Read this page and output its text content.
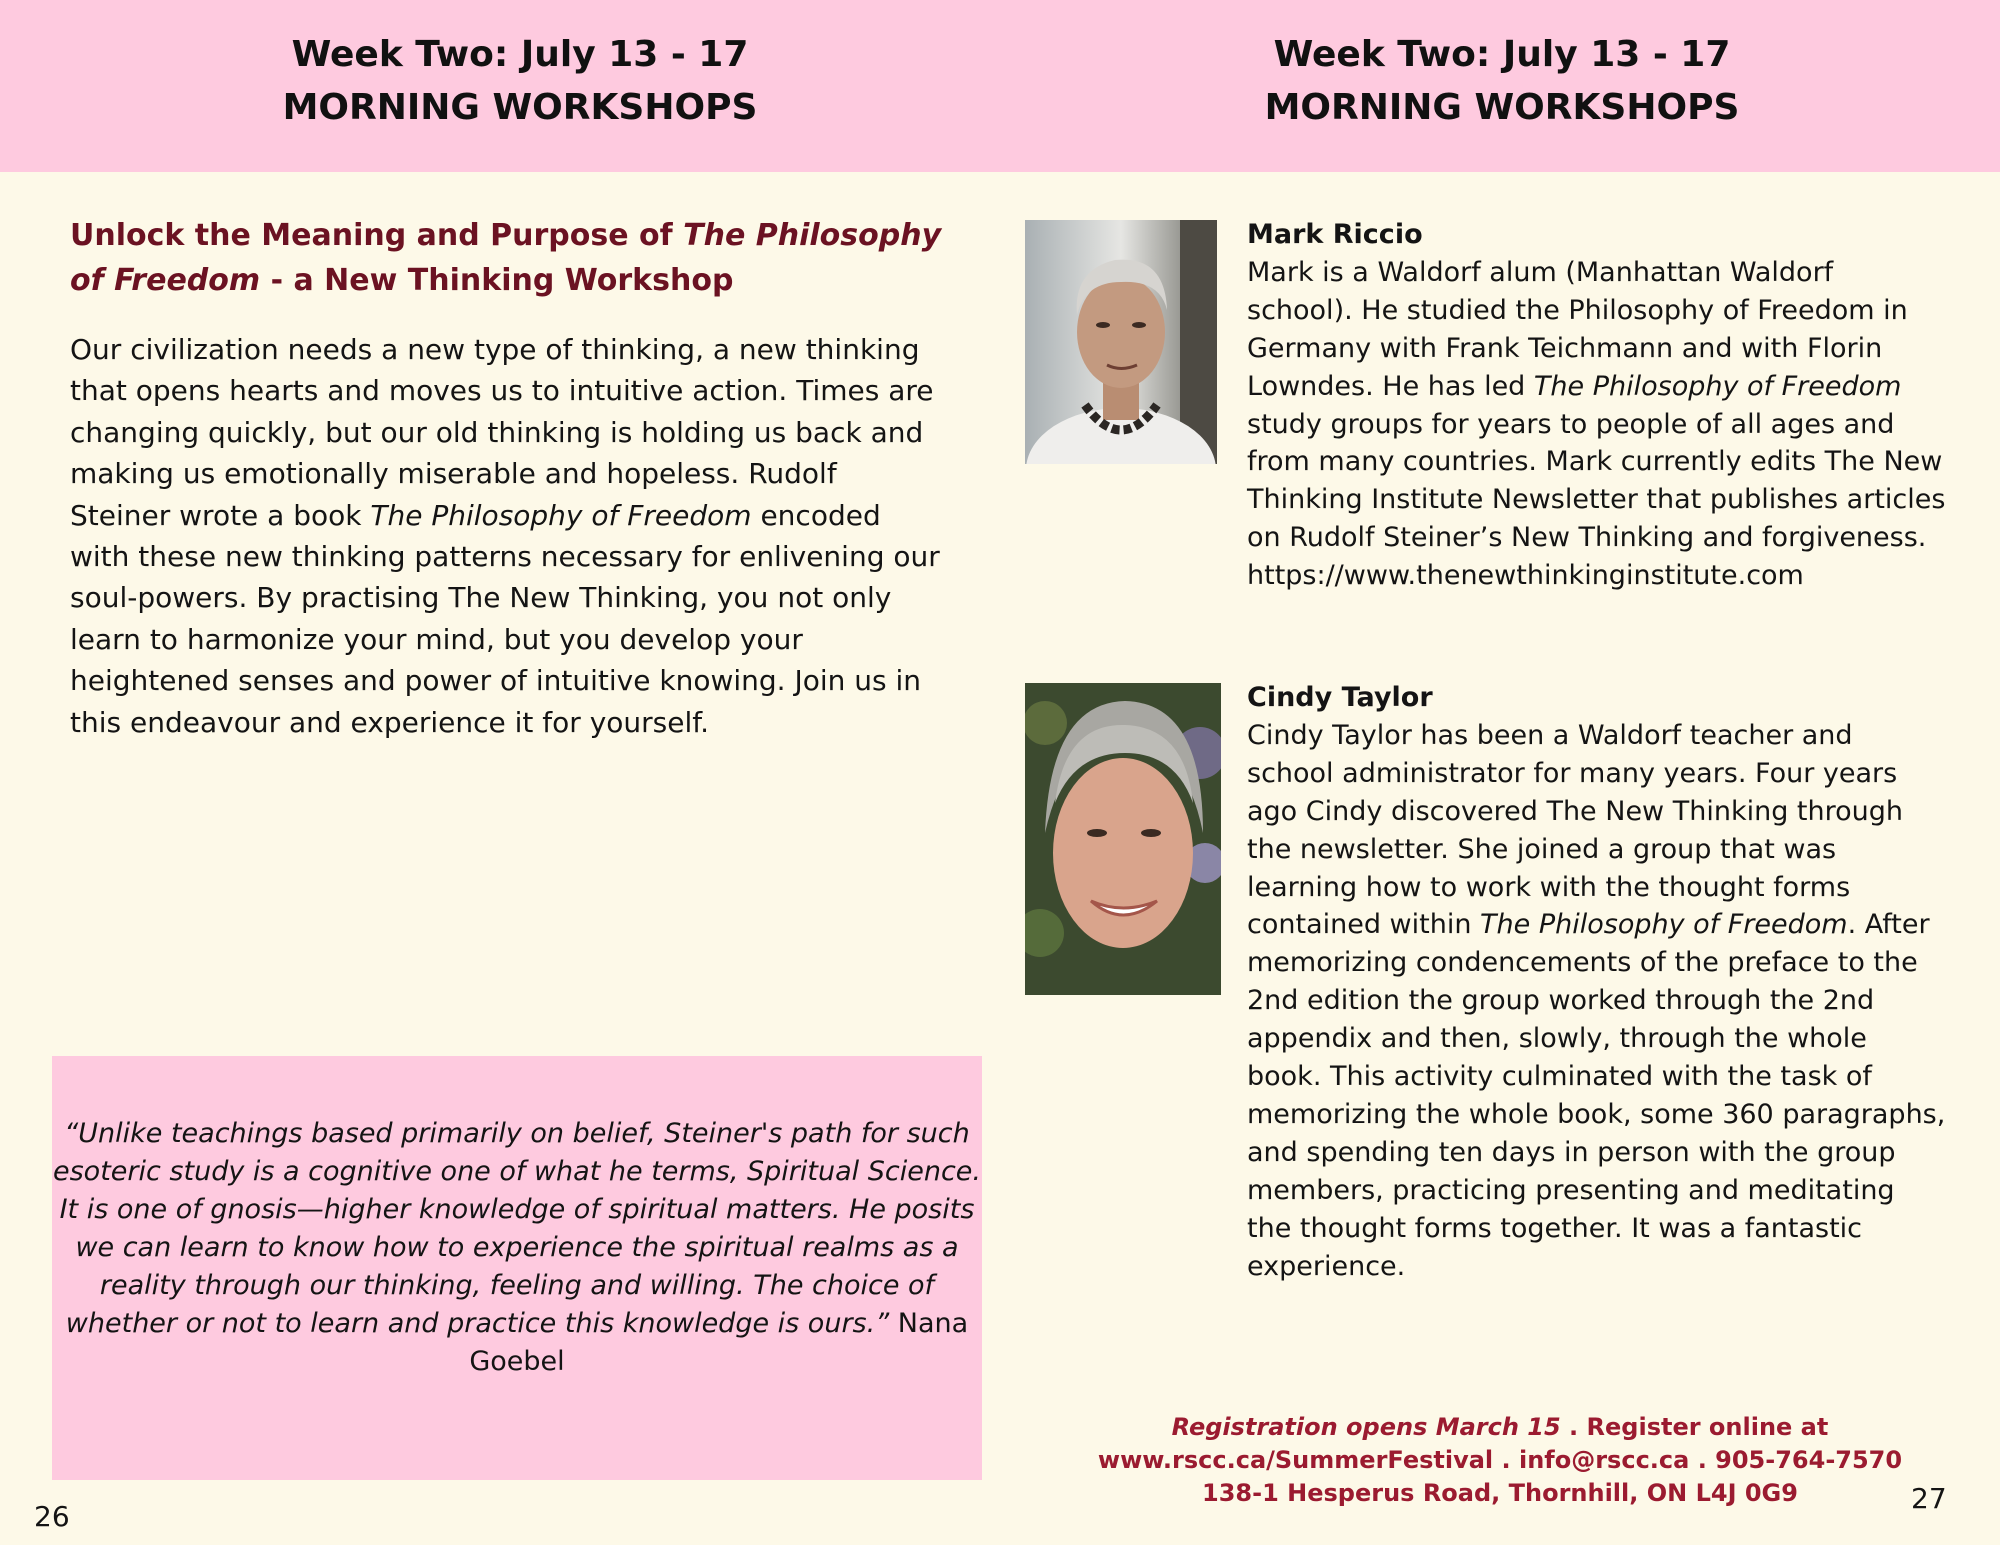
Week Two: July 13 - 17
MORNING WORKSHOPS
Week Two: July 13 - 17
MORNING WORKSHOPS
Unlock the Meaning and Purpose of The Philosophy of Freedom - a New Thinking Workshop

Our civilization needs a new type of thinking, a new thinking that opens hearts and moves us to intuitive action. Times are changing quickly, but our old thinking is holding us back and making us emotionally miserable and hopeless. Rudolf Steiner wrote a book The Philosophy of Freedom encoded with these new thinking patterns necessary for enlivening our soul-powers. By practising The New Thinking, you not only learn to harmonize your mind, but you develop your heightened senses and power of intuitive knowing. Join us in this endeavour and experience it for yourself.

“Unlike teachings based primarily on belief, Steiner's path for such esoteric study is a cognitive one of what he terms, Spiritual Science. It is one of gnosis—higher knowledge of spiritual matters. He posits we can learn to know how to experience the spiritual realms as a reality through our thinking, feeling and willing. The choice of whether or not to learn and practice this knowledge is ours.” Nana Goebel
Mark Riccio
Mark is a Waldorf alum (Manhattan Waldorf school). He studied the Philosophy of Freedom in Germany with Frank Teichmann and with Florin Lowndes. He has led The Philosophy of Freedom study groups for years to people of all ages and from many countries. Mark currently edits The New Thinking Institute Newsletter that publishes articles on Rudolf Steiner’s New Thinking and forgiveness.
https://www.thenewthinkinginstitute.com
Cindy Taylor
Cindy Taylor has been a Waldorf teacher and school administrator for many years. Four years ago Cindy discovered The New Thinking through the newsletter. She joined a group that was learning how to work with the thought forms contained within The Philosophy of Freedom. After memorizing condencements of the preface to the 2nd edition the group worked through the 2nd appendix and then, slowly, through the whole book. This activity culminated with the task of memorizing the whole book, some 360 paragraphs, and spending ten days in person with the group members, practicing presenting and meditating the thought forms together. It was a fantastic experience.
Registration opens March 15 . Register online at
www.rscc.ca/SummerFestival . info@rscc.ca . 905-764-7570
138-1 Hesperus Road, Thornhill, ON L4J 0G9
26
27
